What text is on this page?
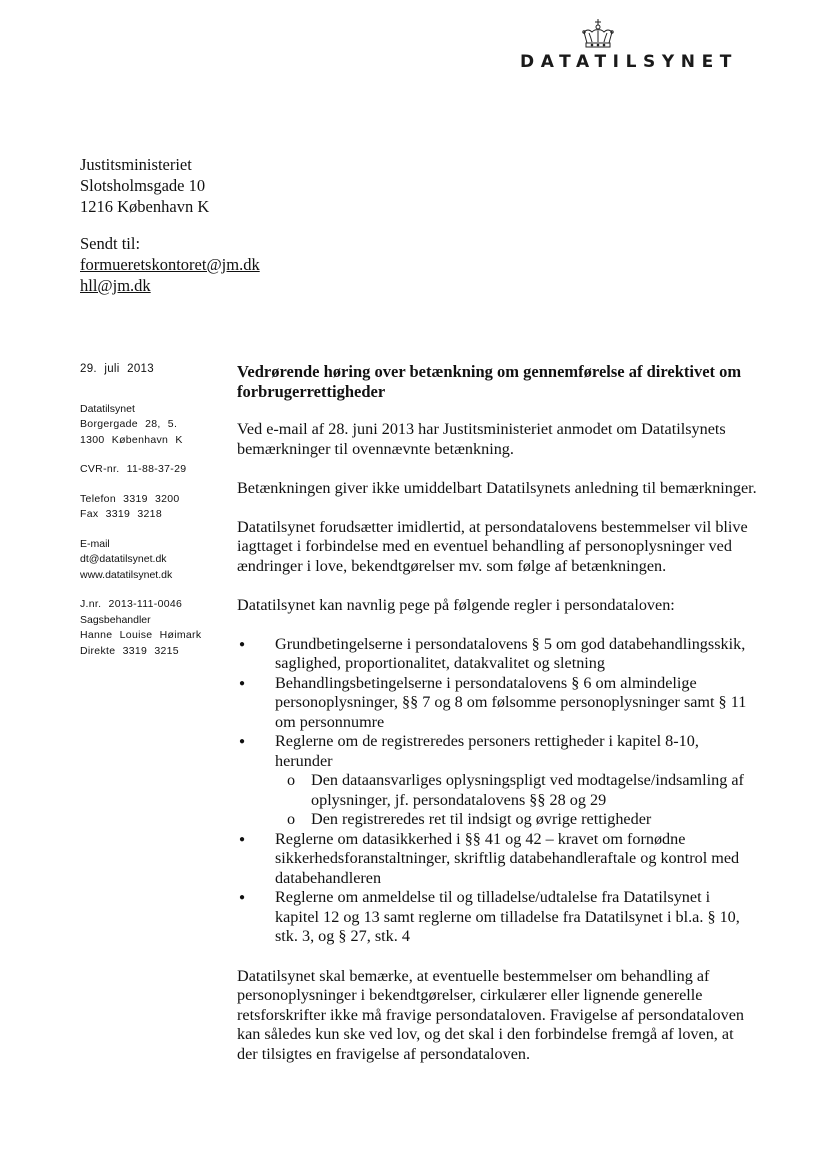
DATATILSYNET
Justitsministeriet
Slotsholmsgade 10
1216 København K
Sendt til:
formueretskontoret@jm.dk
hll@jm.dk
29. juli 2013
Datatilsynet
Borgergade 28, 5.
1300 København K
CVR-nr. 11-88-37-29
Telefon 3319 3200
Fax 3319 3218
E-mail
dt@datatilsynet.dk
www.datatilsynet.dk
J.nr. 2013-111-0046
Sagsbehandler
Hanne Louise Høimark
Direkte 3319 3215
Vedrørende høring over betænkning om gennemførelse af direktivet om forbrugerrettigheder

Ved e-mail af 28. juni 2013 har Justitsministeriet anmodet om Datatilsynets bemærkninger til ovennævnte betænkning.

Betænkningen giver ikke umiddelbart Datatilsynets anledning til bemærkninger.

Datatilsynet forudsætter imidlertid, at persondatalovens bestemmelser vil blive iagttaget i forbindelse med en eventuel behandling af personoplysninger ved ændringer i love, bekendtgørelser mv. som følge af betænkningen.

Datatilsynet kan navnlig pege på følgende regler i persondataloven:

● Grundbetingelserne i persondatalovens § 5 om god databehandlingsskik, saglighed, proportionalitet, datakvalitet og sletning
● Behandlingsbetingelserne i persondatalovens § 6 om almindelige personoplysninger, §§ 7 og 8 om følsomme personoplysninger samt § 11 om personnumre
● Reglerne om de registreredes personers rettigheder i kapitel 8-10, herunder
o Den dataansvarliges oplysningspligt ved modtagelse/indsamling af oplysninger, jf. persondatalovens §§ 28 og 29
o Den registreredes ret til indsigt og øvrige rettigheder
● Reglerne om datasikkerhed i §§ 41 og 42 – kravet om fornødne sikkerhedsforanstaltninger, skriftlig databehandleraftale og kontrol med databehandleren
● Reglerne om anmeldelse til og tilladelse/udtalelse fra Datatilsynet i kapitel 12 og 13 samt reglerne om tilladelse fra Datatilsynet i bl.a. § 10, stk. 3, og § 27, stk. 4

Datatilsynet skal bemærke, at eventuelle bestemmelser om behandling af personoplysninger i bekendtgørelser, cirkulærer eller lignende generelle retsforskrifter ikke må fravige persondataloven. Fravigelse af persondataloven kan således kun ske ved lov, og det skal i den forbindelse fremgå af loven, at der tilsigtes en fravigelse af persondataloven.
